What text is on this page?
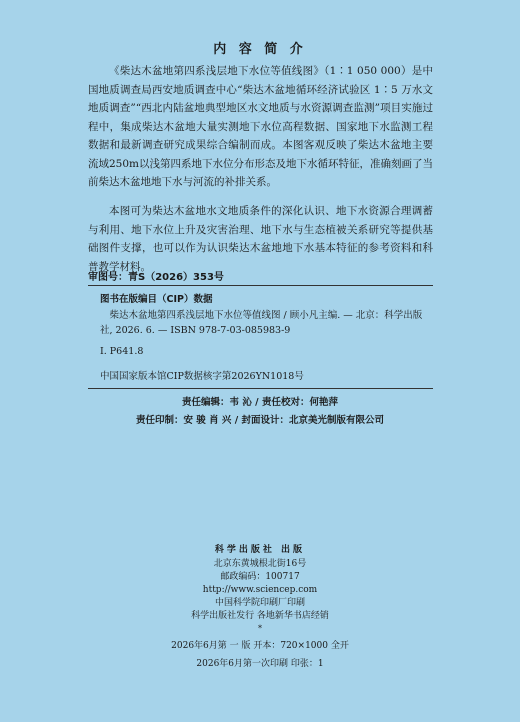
内 容 简 介

《柴达木盆地第四系浅层地下水位等值线图》（1∶1 050 000）是中国地质调查局西安地质调查中心“柴达木盆地循环经济试验区 1∶5 万水文地质调查”“西北内陆盆地典型地区水文地质与水资源调查监测”项目实施过程中，集成柴达木盆地大量实测地下水位高程数据、国家地下水监测工程数据和最新调查研究成果综合编制而成。本图客观反映了柴达木盆地主要流域250m以浅第四系地下水位分布形态及地下水循环特征，准确刻画了当前柴达木盆地地下水与河流的补排关系。

本图可为柴达木盆地水文地质条件的深化认识、地下水资源合理调蓄与利用、地下水位上升及灾害治理、地下水与生态植被关系研究等提供基础图件支撑，也可以作为认识柴达木盆地地下水基本特征的参考资料和科普教学材料。

审图号：青S（2026）353号
图书在版编目（CIP）数据

柴达木盆地第四系浅层地下水位等值线图 / 顾小凡主编. — 北京：科学出版社, 2026. 6. — ISBN 978-7-03-085983-9

Ⅰ. P641.8
中国国家版本馆CIP数据核字第2026YN1018号
责任编辑：韦 沁 / 责任校对：何艳萍
责任印制：安 骏 肖 兴 / 封面设计：北京美光制版有限公司
科学出版社 出版
北京东黄城根北街16号
邮政编码：100717
http://www.sciencep.com
中国科学院印刷厂印刷
科学出版社发行 各地新华书店经销
*
2026年6月第 一 版 开本：720×1000 全开
2026年6月第一次印刷 印张：1
